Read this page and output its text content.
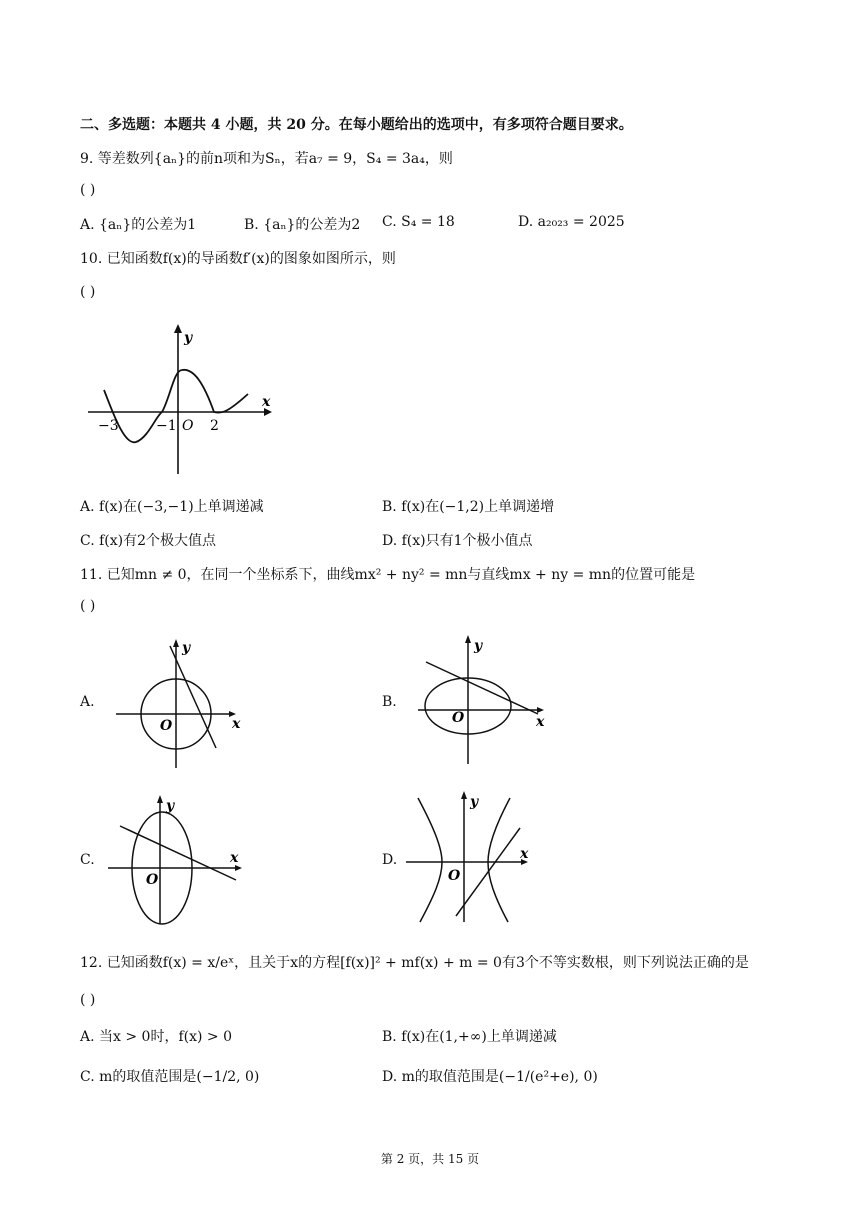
二、多选题：本题共 4 小题，共 20 分。在每小题给出的选项中，有多项符合题目要求。
9. 等差数列{aₙ}的前n项和为Sₙ，若a₇ = 9，S₄ = 3a₄，则
( )
A. {aₙ}的公差为1	B. {aₙ}的公差为2 C. S₄ = 18	D. a₂₀₂₃ = 2025
10. 已知函数f(x)的导函数f′(x)的图象如图所示，则
( )
y
x
−3	−1 O 2
A. f(x)在(−3,−1)上单调递减	B. f(x)在(−1,2)上单调递增
C. f(x)有2个极大值点	D. f(x)只有1个极小值点
11. 已知mn ≠ 0，在同一个坐标系下，曲线mx² + ny² = mn与直线mx + ny = mn的位置可能是
( )
A.
y
x
O
B.
y
x
O
C.
y
x
O
D.
y
x
O
12. 已知函数f(x) = x/eˣ，且关于x的方程[f(x)]² + mf(x) + m = 0有3个不等实数根，则下列说法正确的是
( )
A. 当x > 0时，f(x) > 0	B. f(x)在(1,+∞)上单调递减
C. m的取值范围是(−1/2, 0)	D. m的取值范围是(−1/(e²+e), 0)
第 2 页，共 15 页
